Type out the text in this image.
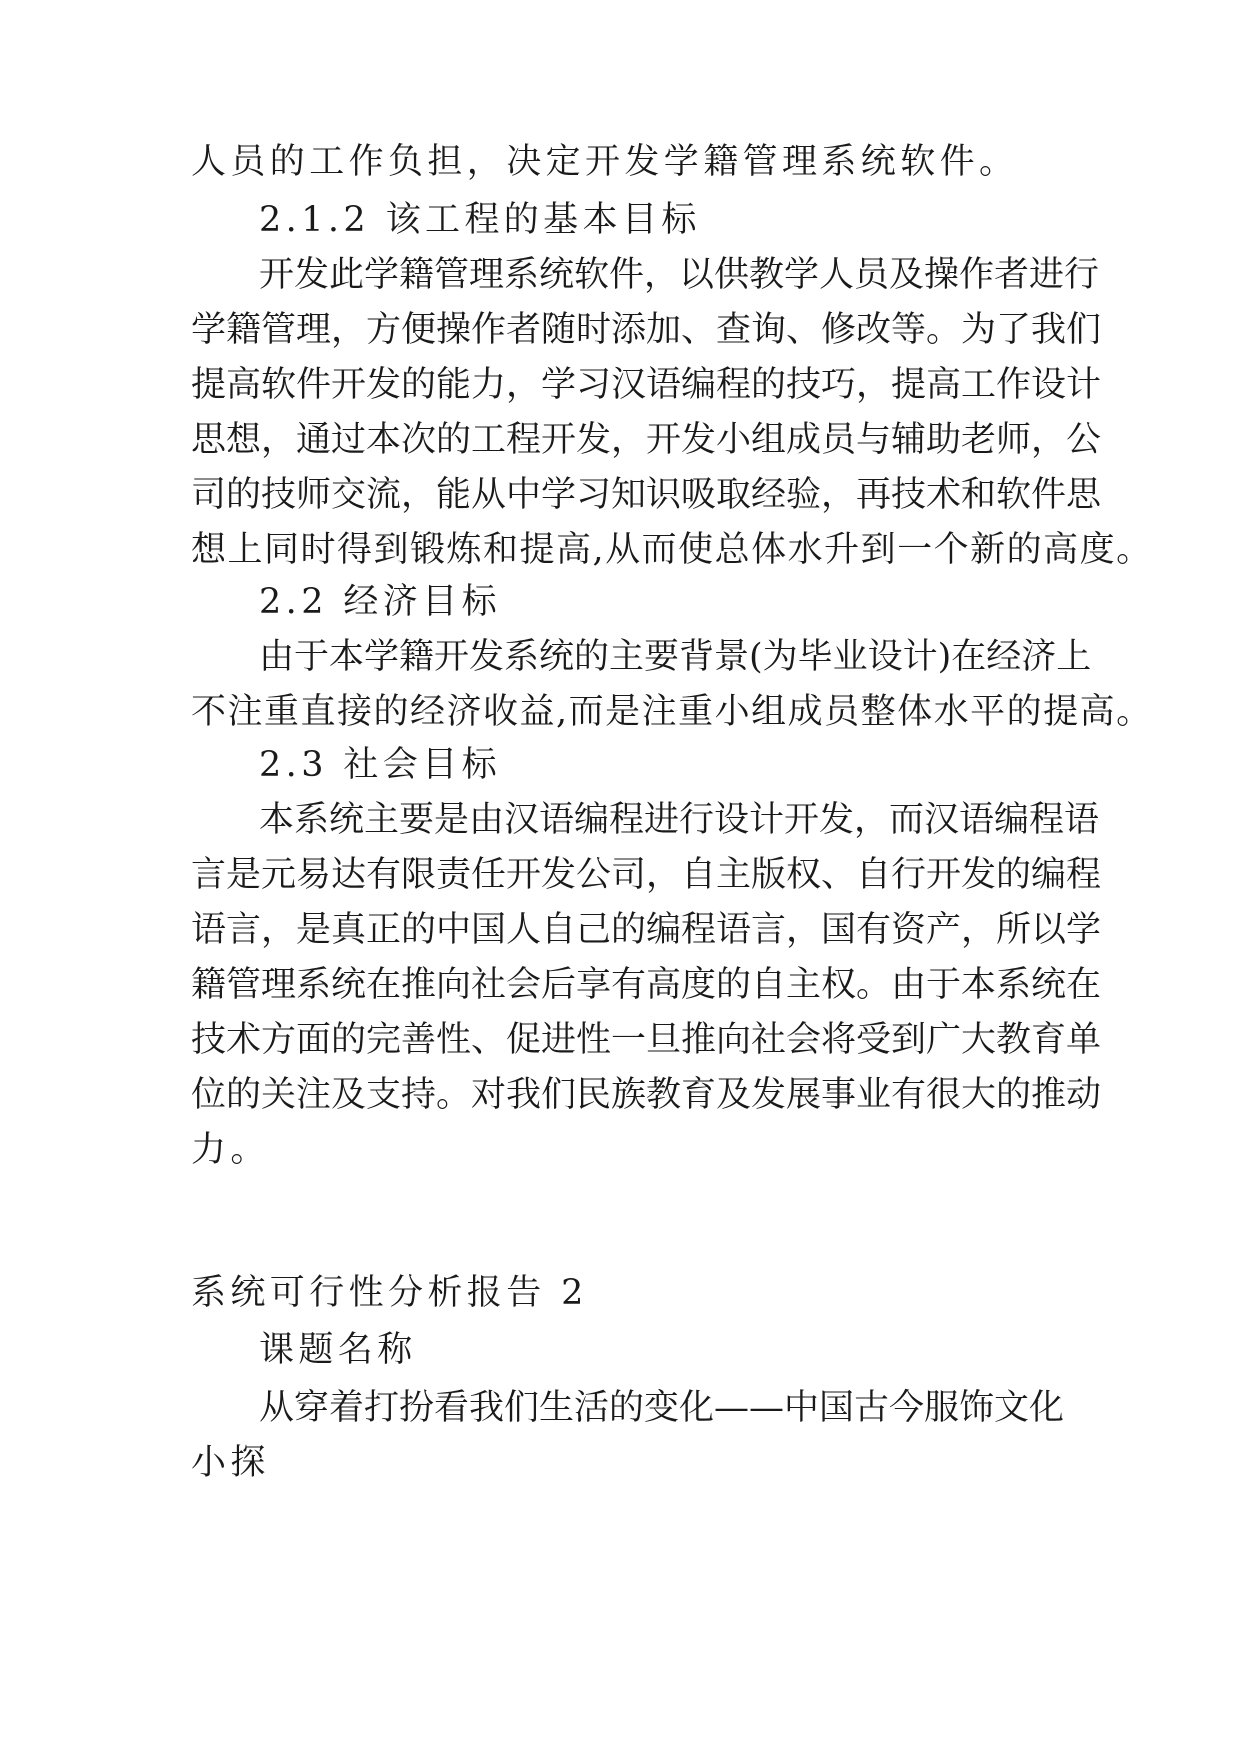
人员的工作负担，决定开发学籍管理系统软件。
2.1.2 该工程的基本目标
开发此学籍管理系统软件，以供教学人员及操作者进行
学籍管理，方便操作者随时添加、查询、修改等。为了我们
提高软件开发的能力，学习汉语编程的技巧，提高工作设计
思想，通过本次的工程开发，开发小组成员与辅助老师，公
司的技师交流，能从中学习知识吸取经验，再技术和软件思
想上同时得到锻炼和提高,从而使总体水升到一个新的高度。
2.2 经济目标
由于本学籍开发系统的主要背景(为毕业设计)在经济上
不注重直接的经济收益,而是注重小组成员整体水平的提高。
2.3 社会目标
本系统主要是由汉语编程进行设计开发，而汉语编程语
言是元易达有限责任开发公司，自主版权、自行开发的编程
语言，是真正的中国人自己的编程语言，国有资产，所以学
籍管理系统在推向社会后享有高度的自主权。由于本系统在
技术方面的完善性、促进性一旦推向社会将受到广大教育单
位的关注及支持。对我们民族教育及发展事业有很大的推动
力。
系统可行性分析报告 2
课题名称
从穿着打扮看我们生活的变化——中国古今服饰文化
小探
